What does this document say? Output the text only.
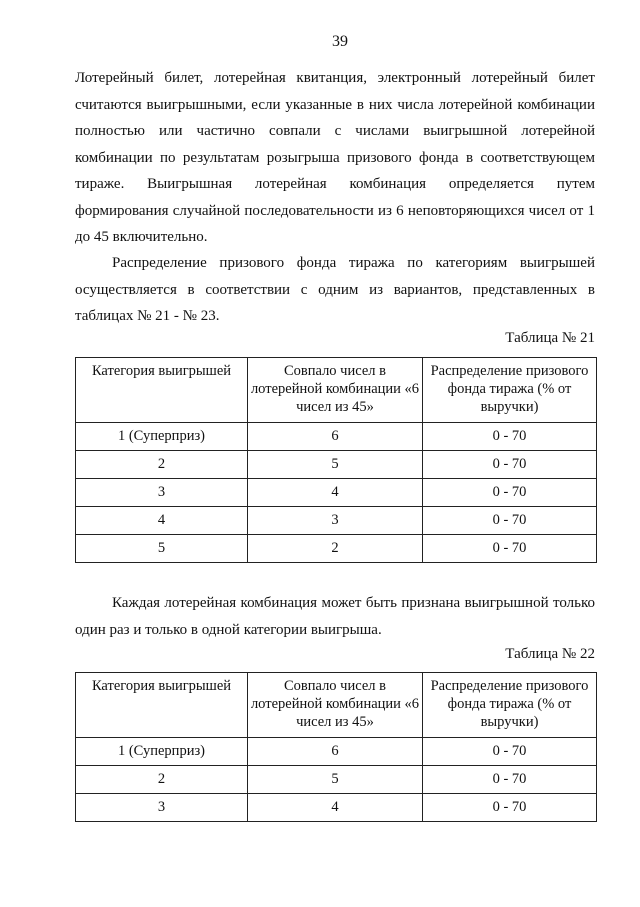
39

Лотерейный билет, лотерейная квитанция, электронный лотерейный билет считаются выигрышными, если указанные в них числа лотерейной комбинации полностью или частично совпали с числами выигрышной лотерейной комбинации по результатам розыгрыша призового фонда в соответствующем тираже. Выигрышная лотерейная комбинация определяется путем формирования случайной последовательности из 6 неповторяющихся чисел от 1 до 45 включительно.

Распределение призового фонда тиража по категориям выигрышей осуществляется в соответствии с одним из вариантов, представленных в таблицах № 21 - № 23.

Таблица № 21
Категория выигрышей	Совпало чисел в лотерейной комбинации «6 чисел из 45»	Распределение призового фонда тиража (% от выручки)
1 (Суперприз)	6	0 - 70
2	5	0 - 70
3	4	0 - 70
4	3	0 - 70
5	2	0 - 70

Каждая лотерейная комбинация может быть признана выигрышной только один раз и только в одной категории выигрыша.

Таблица № 22
Категория выигрышей	Совпало чисел в лотерейной комбинации «6 чисел из 45»	Распределение призового фонда тиража (% от выручки)
1 (Суперприз)	6	0 - 70
2	5	0 - 70
3	4	0 - 70
